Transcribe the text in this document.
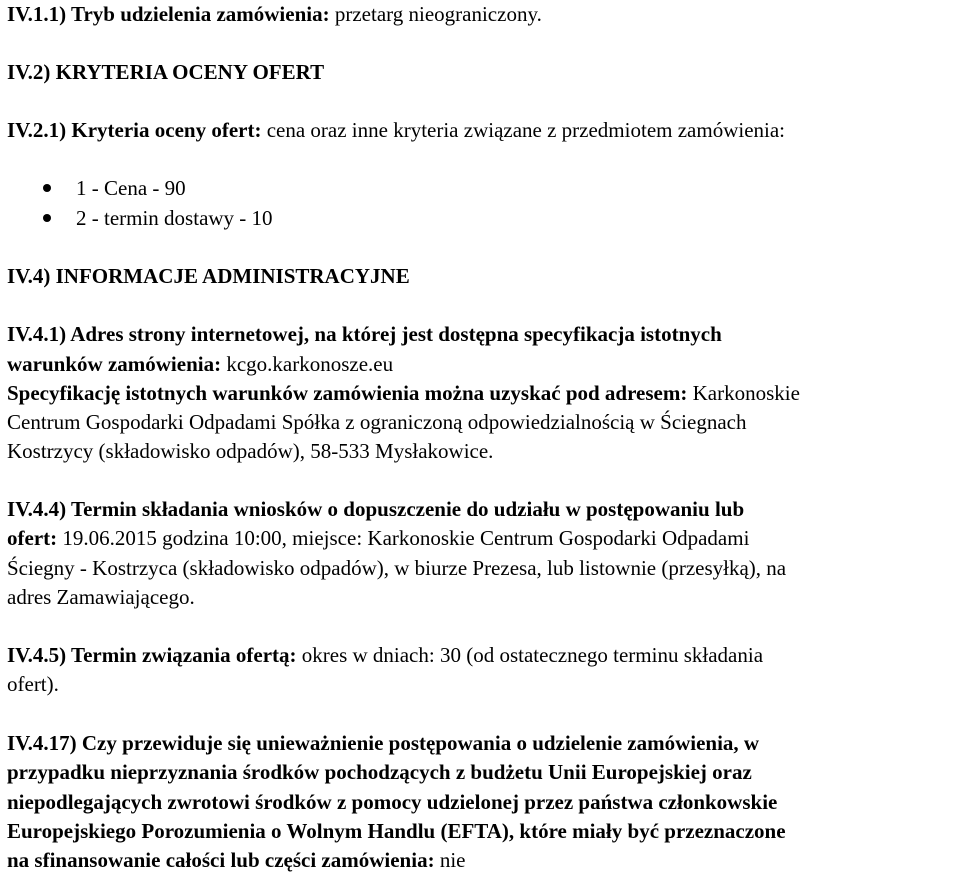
IV.1.1) Tryb udzielenia zamówienia: przetarg nieograniczony.
IV.2) KRYTERIA OCENY OFERT
IV.2.1) Kryteria oceny ofert: cena oraz inne kryteria związane z przedmiotem zamówienia:
1 - Cena - 90
2 - termin dostawy - 10
IV.4) INFORMACJE ADMINISTRACYJNE
IV.4.1) Adres strony internetowej, na której jest dostępna specyfikacja istotnych
warunków zamówienia: kcgo.karkonosze.eu
Specyfikację istotnych warunków zamówienia można uzyskać pod adresem: Karkonoskie
Centrum Gospodarki Odpadami Spółka z ograniczoną odpowiedzialnością w Ściegnach
Kostrzycy (składowisko odpadów), 58-533 Mysłakowice.
IV.4.4) Termin składania wniosków o dopuszczenie do udziału w postępowaniu lub
ofert: 19.06.2015 godzina 10:00, miejsce: Karkonoskie Centrum Gospodarki Odpadami
Ściegny - Kostrzyca (składowisko odpadów), w biurze Prezesa, lub listownie (przesyłką), na
adres Zamawiającego.
IV.4.5) Termin związania ofertą: okres w dniach: 30 (od ostatecznego terminu składania
ofert).
IV.4.17) Czy przewiduje się unieważnienie postępowania o udzielenie zamówienia, w
przypadku nieprzyznania środków pochodzących z budżetu Unii Europejskiej oraz
niepodlegających zwrotowi środków z pomocy udzielonej przez państwa członkowskie
Europejskiego Porozumienia o Wolnym Handlu (EFTA), które miały być przeznaczone
na sfinansowanie całości lub części zamówienia: nie
